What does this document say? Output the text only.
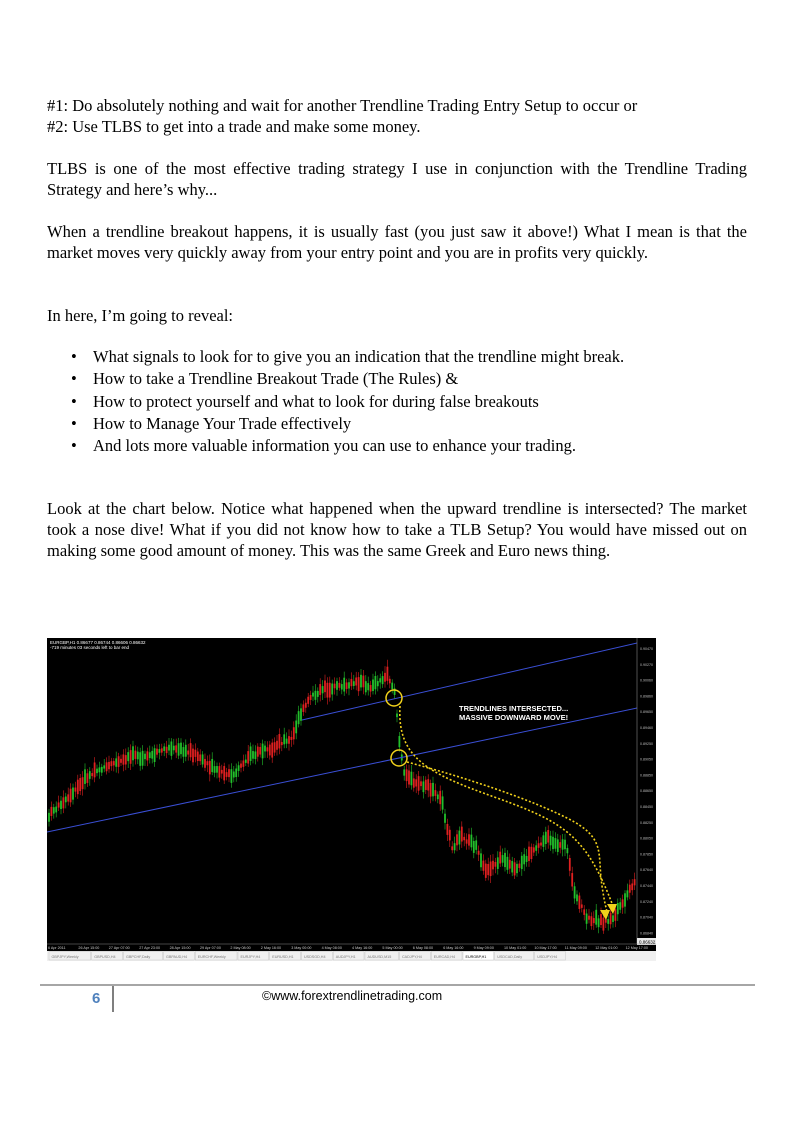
#1: Do absolutely nothing and wait for another Trendline Trading Entry Setup to occur or

#2: Use TLBS to get into a trade and make some money.

TLBS is one of the most effective trading strategy I use in conjunction with the Trendline Trading Strategy and here’s why...

When a trendline breakout happens, it is usually fast (you just saw it above!) What I mean is that the market moves very quickly away from your entry point and you are in profits very quickly.

In here, I’m going to reveal:

• What signals to look for to give you an indication that the trendline might break.
• How to take a Trendline Breakout Trade (The Rules) &
• How to protect yourself and what to look for during false breakouts
• How to Manage Your Trade effectively
• And lots more valuable information you can use to enhance your trading.

Look at the chart below. Notice what happened when the upward trendline is intersected? The market took a nose dive! What if you did not know how to take a TLB Setup? You would have missed out on making some good amount of money. This was the same Greek and Euro news thing.

TRENDLINES INTERSECTED...
MASSIVE DOWNWARD MOVE!
EURGBP,H1 0.86677 0.86744 0.86606 0.86632
-719 minutes 03 seconds left to bar end	0.90470
0.90270
0.90060
0.89860
0.89650
0.89460
0.89250
0.89050
0.88850
0.88650
0.88450
0.88250
0.88050
0.87850
0.87640
0.87440
0.87240
0.87040
0.86840
0.86632
6 Apr 2011	26 Apr 15:00	27 Apr 07:00	27 Apr 23:00	28 Apr 15:00	29 Apr 07:00	2 May 08:00	2 May 16:00	3 May 00:00	4 May 08:00	4 May 16:00	5 May 00:00	6 May 08:00	6 May 16:00	9 May 09:00	10 May 01:00 10 May 17:00 11 May 09:00 12 May 01:00 12 May 17:00
GBPJPY,Weekly	GBPUSD,H4	GBPCHF,Daily	GBPAUD,H4	EURCHF,Weekly	EURJPY,H4	EURUSD,H1	USDSGD,H4	AUDJPY,H1	AUDUSD,M15	CADJPY,H4	EURCAD,H4	EURGBP,H1	USDCAD,Daily	USDJPY,H4
6	©www.forextrendlinetrading.com
